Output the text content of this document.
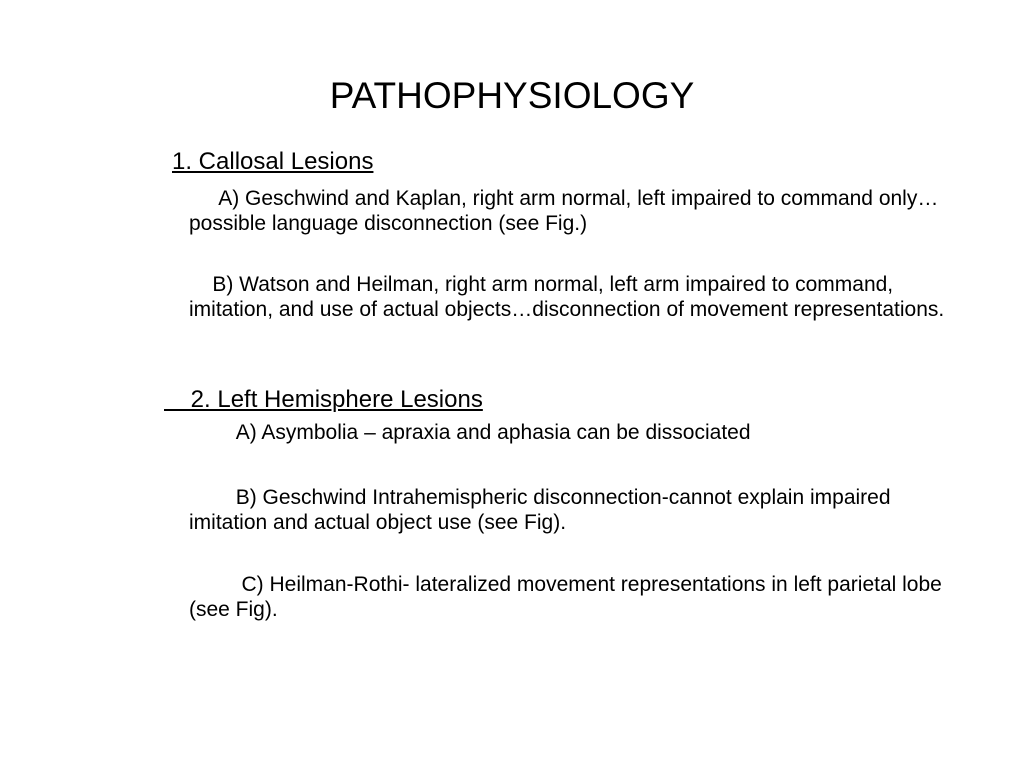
PATHOPHYSIOLOGY
1. Callosal Lesions
A) Geschwind and Kaplan, right arm normal, left impaired to command only…possible language disconnection (see Fig.)
B) Watson and Heilman, right arm normal, left arm impaired to command, imitation, and use of actual objects…disconnection of movement representations.
2. Left Hemisphere Lesions
A) Asymbolia – apraxia and aphasia can be dissociated
B) Geschwind Intrahemispheric disconnection-cannot explain impaired imitation and actual object use (see Fig).
C) Heilman-Rothi- lateralized movement representations in left parietal lobe (see Fig).
